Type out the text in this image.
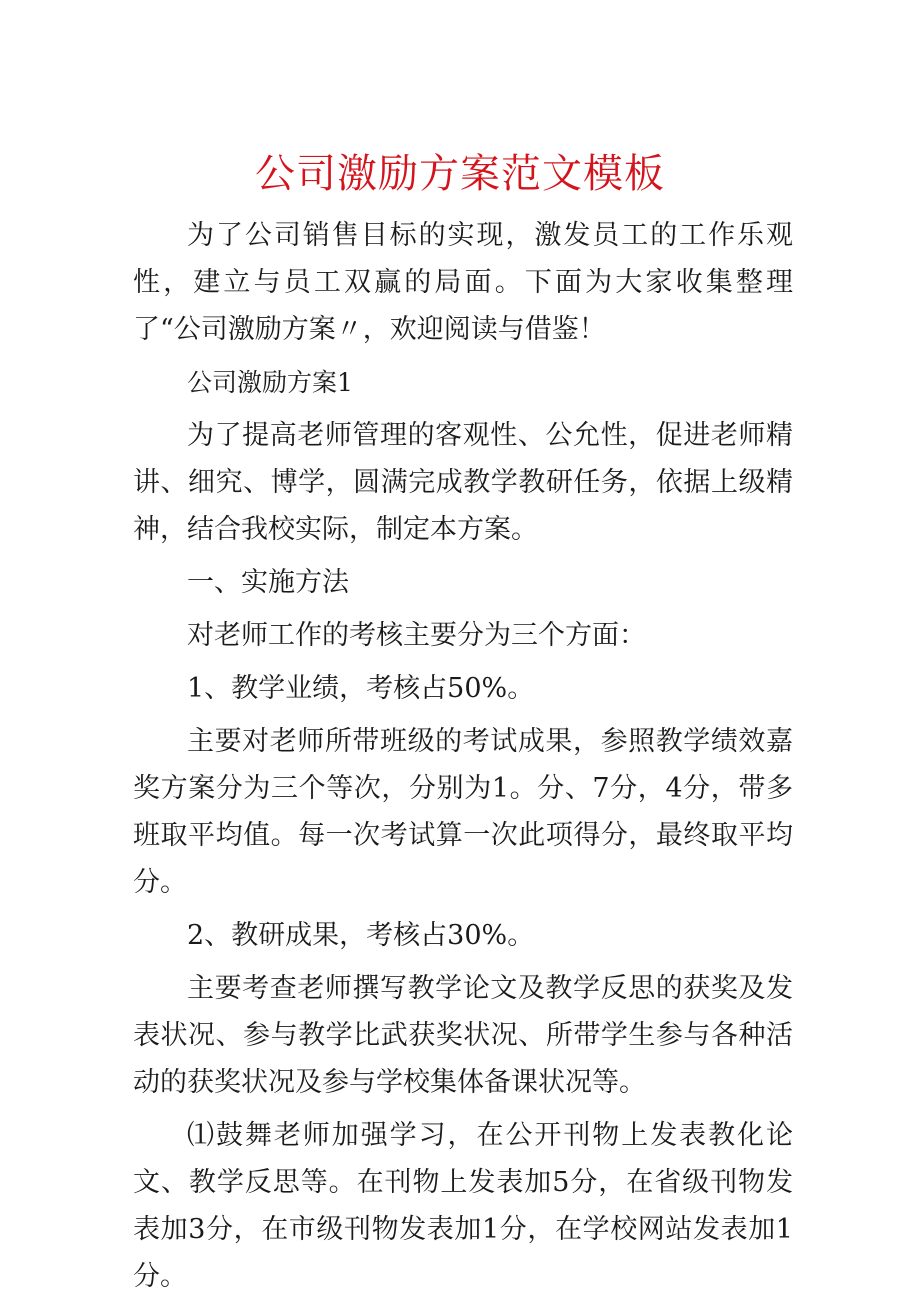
公司激励方案范文模板

为了公司销售目标的实现，激发员工的工作乐观性，建立与员工双赢的局面。下面为大家收集整理了“公司激励方案〃，欢迎阅读与借鉴！

公司激励方案1

为了提高老师管理的客观性、公允性，促进老师精讲、细究、博学，圆满完成教学教研任务，依据上级精神，结合我校实际，制定本方案。

一、实施方法

对老师工作的考核主要分为三个方面：

1、教学业绩，考核占50%。

主要对老师所带班级的考试成果，参照教学绩效嘉奖方案分为三个等次，分别为1。分、7分，4分，带多班取平均值。每一次考试算一次此项得分，最终取平均分。

2、教研成果，考核占30%。

主要考查老师撰写教学论文及教学反思的获奖及发表状况、参与教学比武获奖状况、所带学生参与各种活动的获奖状况及参与学校集体备课状况等。

⑴鼓舞老师加强学习，在公开刊物上发表教化论文、教学反思等。在刊物上发表加5分，在省级刊物发表加3分，在市级刊物发表加1分，在学校网站发表加1分。
